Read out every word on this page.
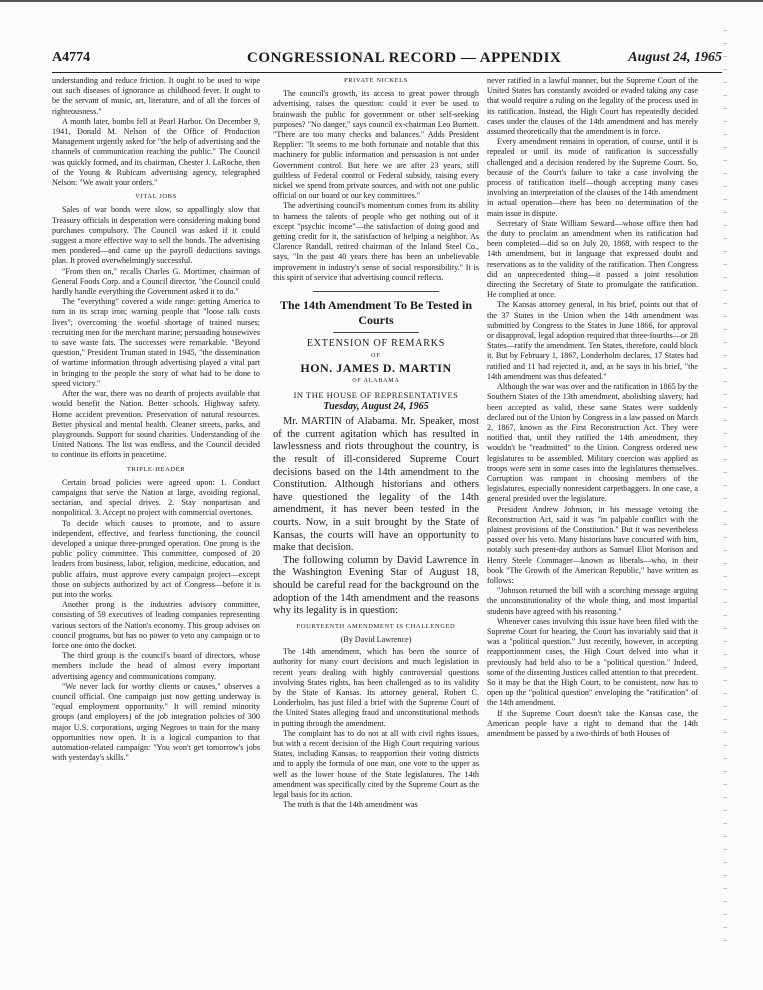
A4774	CONGRESSIONAL RECORD — APPENDIX	August 24, 1965

understanding and reduce friction. It ought to be used to wipe out such diseases of ignorance as childhood fever. It ought to be the servant of music, art, literature, and of all the forces of righteousness."

A month later, bombs fell at Pearl Harbor. On December 9, 1941, Donald M. Nelson of the Office of Production Management urgently asked for "the help of advertising and the channels of communication reaching the public." The Council was quickly formed, and its chairman, Chester J. LaRoche, then of the Young & Rubicam advertising agency, telegraphed Nelson: "We await your orders."

VITAL JOBS

Sales of war bonds were slow, so appallingly slow that Treasury officials in desperation were considering making bond purchases compulsory. The Council was asked if it could suggest a more effective way to sell the bonds. The advertising men pondered—and came up the payroll deductions savings plan. It proved overwhelmingly successful.

"From then on," recalls Charles G. Mortimer, chairman of General Foods Corp. and a Council director, "the Council could hardly handle everything the Government asked it to do."

The "everything" covered a wide range: getting America to turn in its scrap iron; warning people that "loose talk costs lives"; overcoming the woeful shortage of trained nurses; recruiting men for the merchant marine; persuading housewives to save waste fats. The successes were remarkable. "Beyond question," President Truman stated in 1945, "the dissemination of wartime information through advertising played a vital part in bringing to the people the story of what had to be done to speed victory."

After the war, there was no dearth of projects available that would benefit the Nation. Better schools. Highway safety. Home accident prevention. Preservation of natural resources. Better physical and mental health. Cleaner streets, parks, and playgrounds. Support for sound charities. Understanding of the United Nations. The list was endless, and the Council decided to continue its efforts in peacetime.

TRIPLE-HEADER

Certain broad policies were agreed upon: 1. Conduct campaigns that serve the Nation at large, avoiding regional, sectarian, and special drives. 2. Stay nonpartisan and nonpolitical. 3. Accept no project with commercial overtones.

To decide which causes to promote, and to assure independent, effective, and fearless functioning, the council developed a unique three-pronged operation. One prong is the public policy committee. This committee, composed of 20 leaders from business, labor, religion, medicine, education, and public affairs, must approve every campaign project—except those on subjects authorized by act of Congress—before it is put into the works.

Another prong is the industries advisory committee, consisting of 59 executives of leading companies representing various sectors of the Nation's economy. This group advises on council programs, but has no power to veto any campaign or to force one onto the docket.

The third group is the council's board of directors, whose members include the head of almost every important advertising agency and communications company.

"We never lack for worthy clients or causes," observes a council official. One campaign just now getting underway is "equal employment opportunity." It will remind minority groups (and employers) of the job integration policies of 300 major U.S. corporations, urging Negroes to train for the many opportunities now open. It is a logical companion to that automation-related campaign: "You won't get tomorrow's jobs with yesterday's skills."

PRIVATE NICKELS

The council's growth, its access to great power through advertising, raises the question: could it ever be used to brainwash the public for government or other self-seeking purposes? "No danger," says council ex-chairman Leo Burnett. "There are too many checks and balances." Adds President Repplier: "It seems to me both fortunate and notable that this machinery for public information and persuasion is not under Government control. But here we are after 23 years, still guiltless of Federal control or Federal subsidy, raising every nickel we spend from private sources, and with not one public official on our board or our key committees."

The advertising council's momentum comes from its ability to harness the talents of people who get nothing out of it except "psychic income"—the satisfaction of doing good and getting credit for it, the satisfaction of helping a neighbor. As Clarence Randall, retired chairman of the Inland Steel Co., says, "In the past 40 years there has been an unbelievable improvement in industry's sense of social responsibility." It is this spirit of service that advertising council reflects.

The 14th Amendment To Be Tested in Courts
EXTENSION OF REMARKS
OF
HON. JAMES D. MARTIN
OF ALABAMA
IN THE HOUSE OF REPRESENTATIVES
Tuesday, August 24, 1965

Mr. MARTIN of Alabama. Mr. Speaker, most of the current agitation which has resulted in lawlessness and riots throughout the country, is the result of ill-considered Supreme Court decisions based on the 14th amendment to the Constitution. Although historians and others have questioned the legality of the 14th amendment, it has never been tested in the courts. Now, in a suit brought by the State of Kansas, the courts will have an opportunity to make that decision.

The following column by David Lawrence in the Washington Evening Star of August 18, should be careful read for the background on the adoption of the 14th amendment and the reasons why its legality is in question:

FOURTEENTH AMENDMENT IS CHALLENGED

(By David Lawrence)

The 14th amendment, which has been the source of authority for many court decisions and much legislation in recent years dealing with highly controversial questions involving States rights, has been challenged as to its validity by the State of Kansas. Its attorney general, Robert C. Londerholm, has just filed a brief with the Supreme Court of the United States alleging fraud and unconstitutional methods in putting through the amendment.

The complaint has to do not at all with civil rights issues, but with a recent decision of the High Court requiring various States, including Kansas, to reapportion their voting districts and to apply the formula of one man, one vote to the upper as well as the lower house of the State legislatures. The 14th amendment was specifically cited by the Supreme Court as the legal basis for its action.

The truth is that the 14th amendment was

never ratified in a lawful manner, but the Supreme Court of the United States has constantly avoided or evaded taking any case that would require a ruling on the legality of the process used in its ratification. Instead, the High Court has repeatedly decided cases under the clauses of the 14th amendment and has merely assumed theoretically that the amendment is in force.

Every amendment remains in operation, of course, until it is repealed or until its mode of ratification is successfully challenged and a decision rendered by the Supreme Court. So, because of the Court's failure to take a case involving the process of ratification itself—though accepting many cases involving an interpretation of the clauses of the 14th amendment in actual operation—there has been no determination of the main issue in dispute.

Secretary of State William Seward—whose office then had the duty to proclaim an amendment when its ratification had been completed—did so on July 20, 1868, with respect to the 14th amendment, but in language that expressed doubt and reservations as to the validity of the ratification. Then Congress did an unprecedented thing—it passed a joint resolution directing the Secretary of State to promulgate the ratification. He complied at once.

The Kansas attorney general, in his brief, points out that of the 37 States in the Union when the 14th amendment was submitted by Congress to the States in June 1866, for approval or disapproval, legal adoption required that three-fourths—or 28 States—ratify the amendment. Ten States, therefore, could block it. But by February 1, 1867, Londerholm declares, 17 States had ratified and 11 had rejected it, and, as he says in his brief, "the 14th amendment was thus defeated."

Although the war was over and the ratification in 1865 by the Southern States of the 13th amendment, abolishing slavery, had been accepted as valid, these same States were suddenly declared out of the Union by Congress in a law passed on March 2, 1867, known as the First Reconstruction Act. They were notified that, until they ratified the 14th amendment, they wouldn't be "readmitted" to the Union. Congress ordered new legislatures to be assembled. Military coercion was applied as troops were sent in some cases into the legislatures themselves. Corruption was rampant in choosing members of the legislatures, especially nonresident carpetbaggers. In one case, a general presided over the legislature.

President Andrew Johnson, in his message vetoing the Reconstruction Act, said it was "in palpable conflict with the plainest provisions of the Constitution." But it was nevertheless passed over his veto. Many historians have concurred with him, notably such present-day authors as Samuel Eliot Morison and Henry Steele Commager—known as liberals—who, in their book "The Growth of the American Republic," have written as follows:

"Johnson returned the bill with a scorching message arguing the unconstitutionality of the whole thing, and most impartial students have agreed with his reasoning."

Whenever cases involving this issue have been filed with the Supreme Court for hearing, the Court has invariably said that it was a "political question." Just recently, however, in accepting reapportionment cases, the High Court delved into what it previously had held also to be a "political question." Indeed, some of the dissenting Justices called attention to that precedent. So it may be that the High Court, to be consistent, now has to open up the "political question" enveloping the "ratification" of the 14th amendment.

If the Supreme Court doesn't take the Kansas case, the American people have a right to demand that the 14th amendment be passed by a two-thirds of both Houses of
